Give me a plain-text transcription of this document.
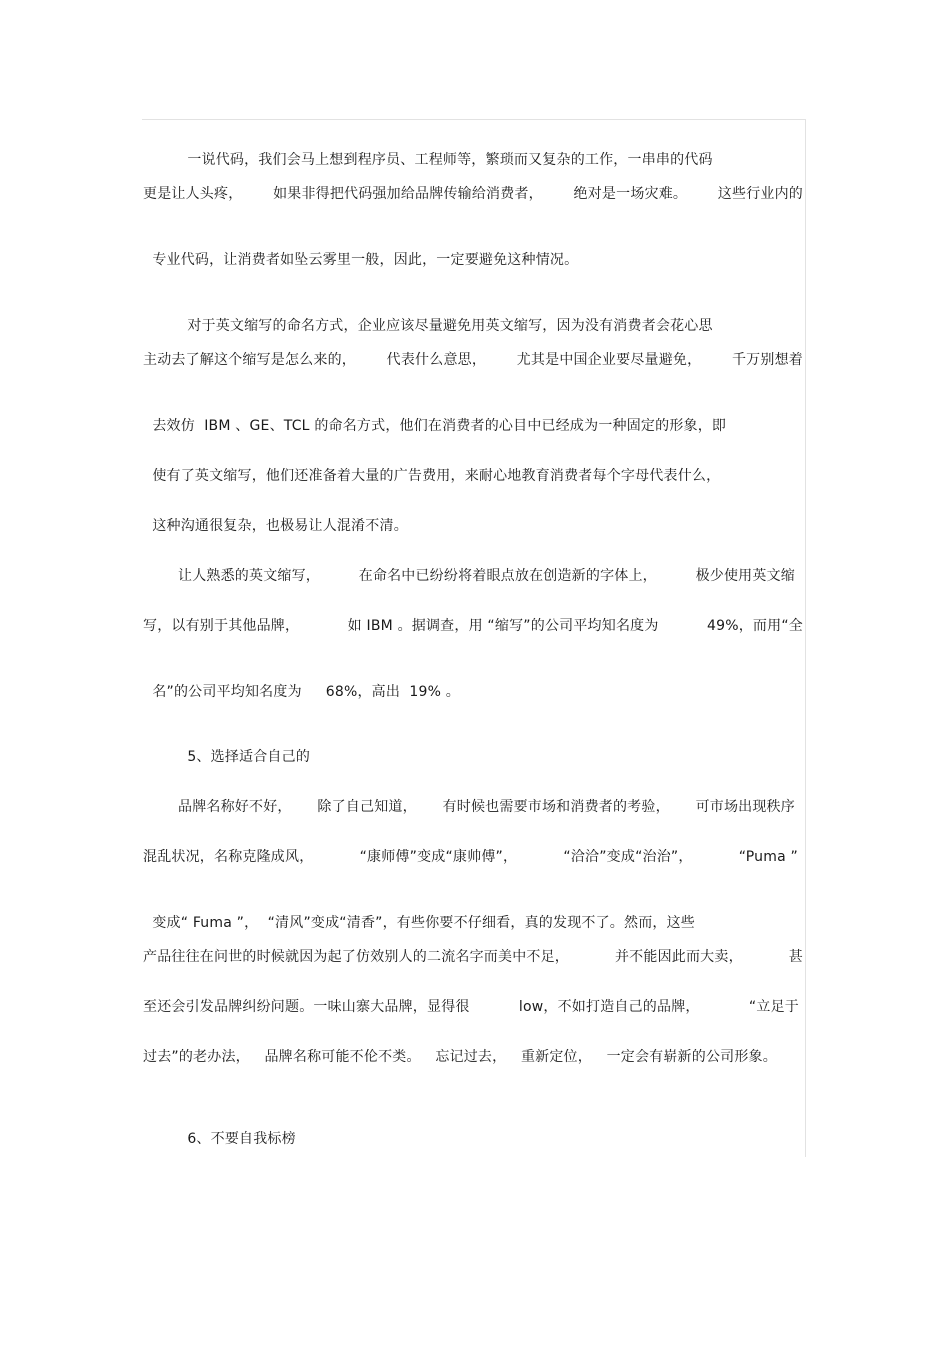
一说代码，我们会马上想到程序员、工程师等，繁琐而又复杂的工作，一串串的代码

更是让人头疼， 如果非得把代码强加给品牌传输给消费者， 绝对是一场灾难。 这些行业内的

专业代码，让消费者如坠云雾里一般，因此，一定要避免这种情况。

对于英文缩写的命名方式，企业应该尽量避免用英文缩写，因为没有消费者会花心思

主动去了解这个缩写是怎么来的， 代表什么意思， 尤其是中国企业要尽量避免， 千万别想着

去效仿  IBM 、GE、TCL 的命名方式，他们在消费者的心目中已经成为一种固定的形象，即

使有了英文缩写，他们还准备着大量的广告费用，来耐心地教育消费者每个字母代表什么，

这种沟通很复杂，也极易让人混淆不清。

让人熟悉的英文缩写，	在命名中已纷纷将着眼点放在创造新的字体上，	极少使用英文缩
写，以有别于其他品牌，	如 IBM 。据调查，用 “缩写”的公司平均知名度为	49%，而用“全

名”的公司平均知名度为 68%，高出  19% 。

5、选择适合自己的

品牌名称好不好， 除了自己知道， 有时候也需要市场和消费者的考验， 可市场出现秩序
混乱状况，名称克隆成风，	“康师傅”变成“康帅傅”，	“洽洽”变成“治治”，	“Puma ”

变成“ Fuma ”，  “清风”变成“清香”，有些你要不仔细看，真的发现不了。然而，这些

产品往往在问世的时候就因为起了仿效别人的二流名字而美中不足，	并不能因此而大卖，	甚
至还会引发品牌纠纷问题。一味山寨大品牌，显得很	low，不如打造自己的品牌，	“立足于
过去”的老办法， 品牌名称可能不伦不类。 忘记过去， 重新定位， 一定会有崭新的公司形象。

6、不要自我标榜
